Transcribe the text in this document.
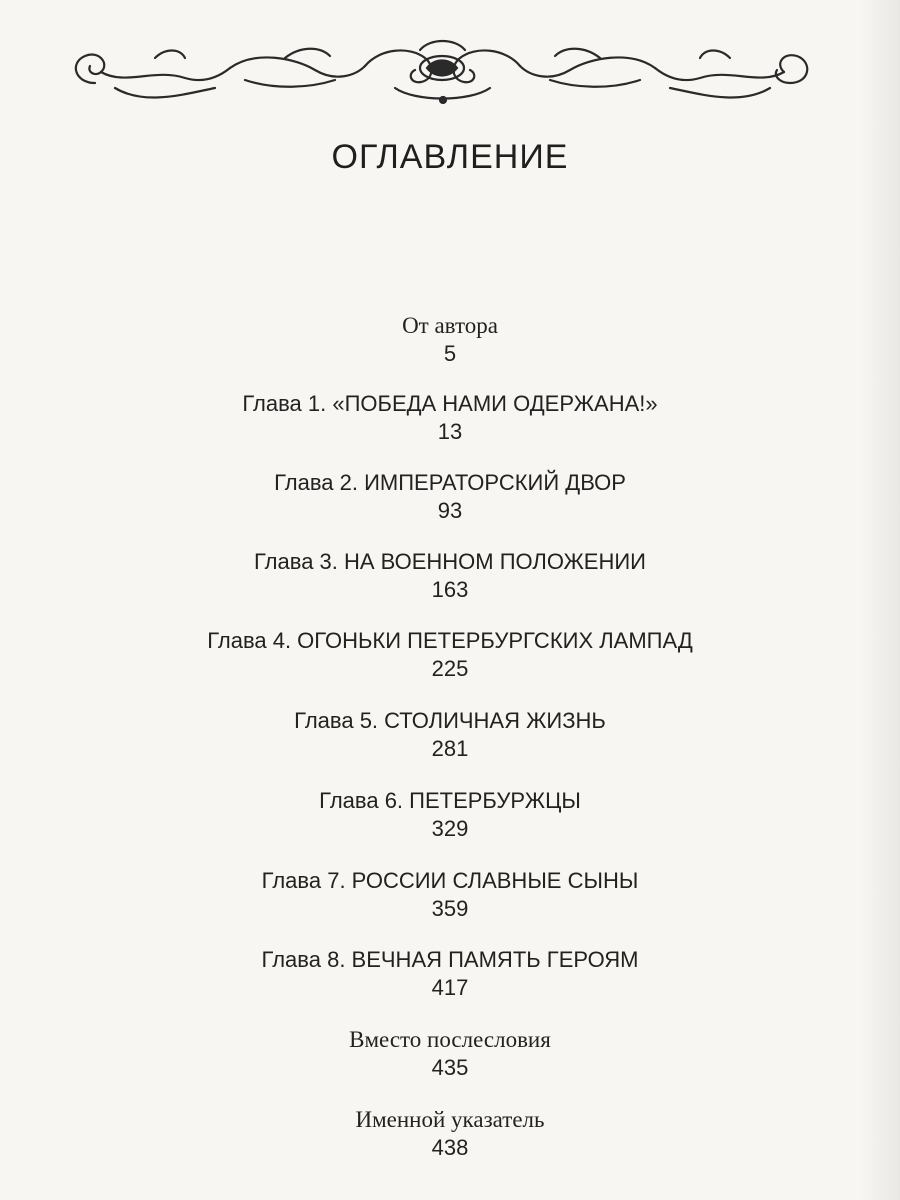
ОГЛАВЛЕНИЕ
От автора
5
Глава 1. «ПОБЕДА НАМИ ОДЕРЖАНА!»
13
Глава 2. ИМПЕРАТОРСКИЙ ДВОР
93
Глава 3. НА ВОЕННОМ ПОЛОЖЕНИИ
163
Глава 4. ОГОНЬКИ ПЕТЕРБУРГСКИХ ЛАМПАД
225
Глава 5. СТОЛИЧНАЯ ЖИЗНЬ
281
Глава 6. ПЕТЕРБУРЖЦЫ
329
Глава 7. РОССИИ СЛАВНЫЕ СЫНЫ
359
Глава 8. ВЕЧНАЯ ПАМЯТЬ ГЕРОЯМ
417
Вместо послесловия
435
Именной указатель
438
